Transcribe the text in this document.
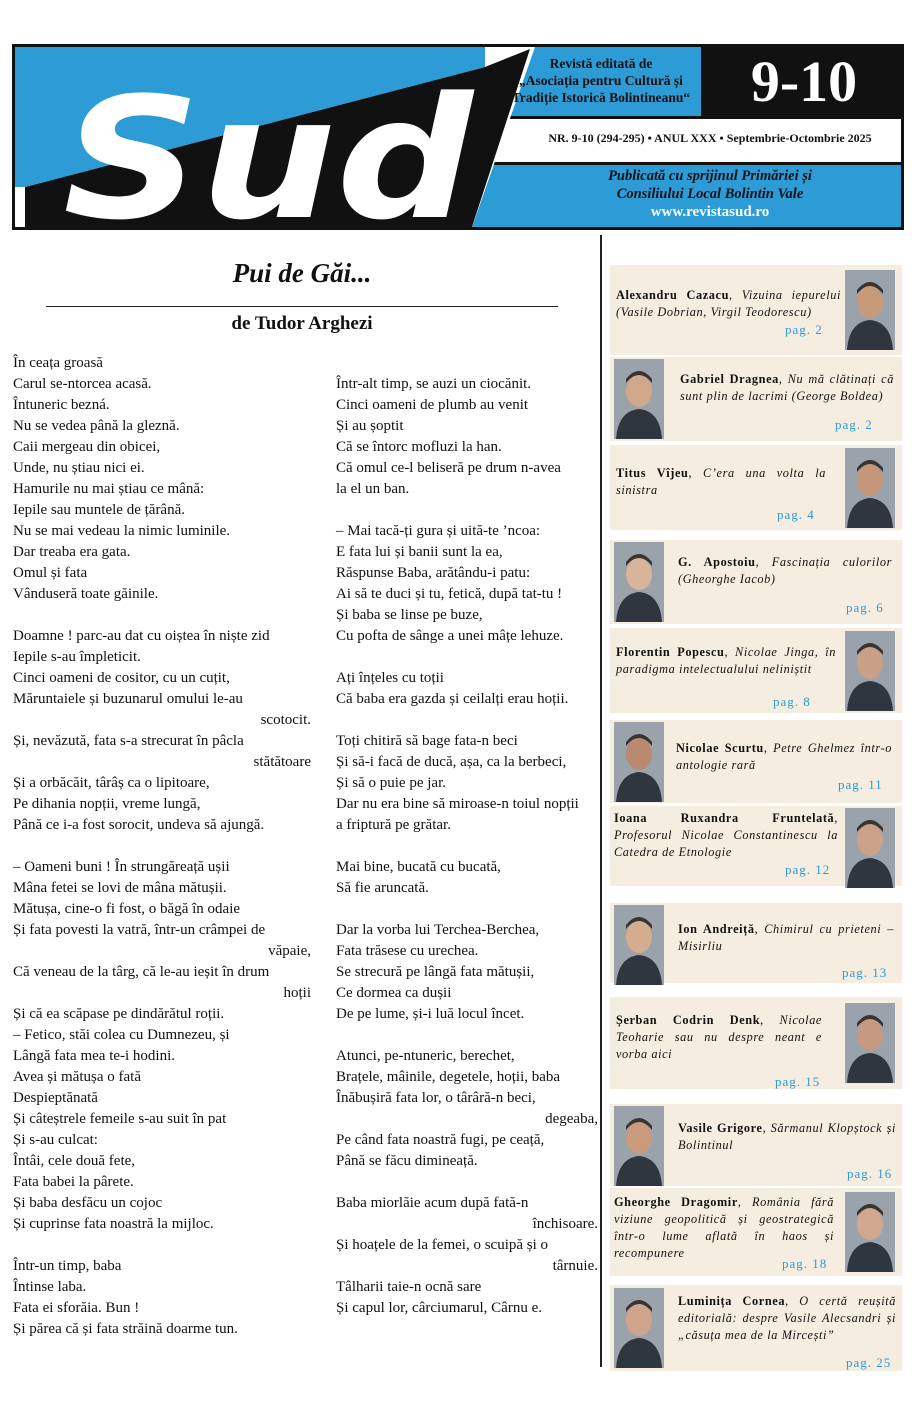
Sud	Revistă editată de
„Asociația pentru Cultură și
Tradiție Istorică Bolintineanu“	9-10
NR. 9-10 (294-295) • ANUL XXX • Septembrie-Octombrie 2025
Publicată cu sprijinul Primăriei și
Consiliului Local Bolintin Vale
www.revistasud.ro
Pui de Găi...
de Tudor Arghezi
În ceața groasă
Carul se-ntorcea acasă.
Întuneric bezná.
Nu se vedea până la gleznă.
Caii mergeau din obicei,
Unde, nu știau nici ei.
Hamurile nu mai știau ce mână:
Iepile sau muntele de țărână.
Nu se mai vedeau la nimic luminile.
Dar treaba era gata.
Omul și fata
Vânduseră toate găinile.

Doamne ! parc-au dat cu oiștea în niște zid
Iepile s-au împleticit.
Cinci oameni de cositor, cu un cuțit,
Măruntaiele și buzunarul omului le-au
scotocit.
Și, nevăzută, fata s-a strecurat în pâcla
stătătoare
Și a orbăcăit, târâș ca o lipitoare,
Pe dihania nopții, vreme lungă,
Până ce i-a fost sorocit, undeva să ajungă.

– Oameni buni ! În strungăreață ușii
Mâna fetei se lovi de mâna mătușii.
Mătușa, cine-o fi fost, o băgă în odaie
Și fata povesti la vatră, într-un crâmpei de
văpaie,
Că veneau de la târg, că le-au ieșit în drum
hoții
Și că ea scăpase pe dindărătul roții.
– Fetico, stăi colea cu Dumnezeu, și
Lângă fata mea te-i hodini.
Avea și mătușa o fată
Despieptănată
Și câteștrele femeile s-au suit în pat
Și s-au culcat:
Întâi, cele două fete,
Fata babei la pârete.
Și baba desfăcu un cojoc
Și cuprinse fata noastră la mijloc.

Într-un timp, baba
Întinse laba.
Fata ei sforăia. Bun !
Și părea că și fata străină doarme tun.
Într-alt timp, se auzi un ciocănit.
Cinci oameni de plumb au venit
Și au șoptit
Că se întorc mofluzi la han.
Că omul ce-l beliseră pe drum n-avea
la el un ban.

– Mai tacă-ți gura și uită-te ’ncoa:
E fata lui și banii sunt la ea,
Răspunse Baba, arătându-i patu:
Ai să te duci și tu, fetică, după tat-tu !
Și baba se linse pe buze,
Cu pofta de sânge a unei mâțe lehuze.

Ați înțeles cu toții
Că baba era gazda și ceilalți erau hoții.

Toți chitiră să bage fata-n beci
Și să-i facă de ducă, așa, ca la berbeci,
Și să o puie pe jar.
Dar nu era bine să miroase-n toiul nopții
a friptură pe grătar.

Mai bine, bucată cu bucată,
Să fie aruncată.

Dar la vorba lui Terchea-Berchea,
Fata trăsese cu urechea.
Se strecură pe lângă fata mătușii,
Ce dormea ca dușii
De pe lume, și-i luă locul încet.

Atunci, pe-ntuneric, berechet,
Brațele, mâinile, degetele, hoții, baba
Înăbușiră fata lor, o târâră-n beci,
degeaba,
Pe când fata noastră fugi, pe ceață,
Până se făcu dimineață.

Baba miorlăie acum după fată-n
închisoare.
Și hoațele de la femei, o scuipă și o
târnuie.
Tâlharii taie-n ocnă sare
Și capul lor, cârciumarul, Cârnu e.
Alexandru Cazacu, Vizuina iepurelui (Vasile Dobrian, Virgil Teodorescu)
pag. 2
Gabriel Dragnea, Nu mă clătinați că sunt plin de lacrimi (George Boldea)
pag. 2
Titus Vîjeu, C’era una volta la sinistra
pag. 4
G. Apostoiu, Fascinația culorilor (Gheorghe Iacob)
pag. 6
Florentin Popescu, Nicolae Jinga, în paradigma intelectualului neliniștit
pag. 8
Nicolae Scurtu, Petre Ghelmez într-o antologie rară
pag. 11
Ioana Ruxandra Fruntelată, Profesorul Nicolae Constantinescu la Catedra de Etnologie
pag. 12
Ion Andreiță, Chimirul cu prieteni – Misirliu
pag. 13
Șerban Codrin Denk, Nicolae Teoharie sau nu despre neant e vorba aici
pag. 15
Vasile Grigore, Sărmanul Klopștock și Bolintinul
pag. 16
Gheorghe Dragomir, România fără viziune geopolitică și geostrategică într-o lume aflată în haos și recompunere
pag. 18
Luminița Cornea, O certă reușită editorială: despre Vasile Alecsandri și „căsuța mea de la Mircești”
pag. 25
